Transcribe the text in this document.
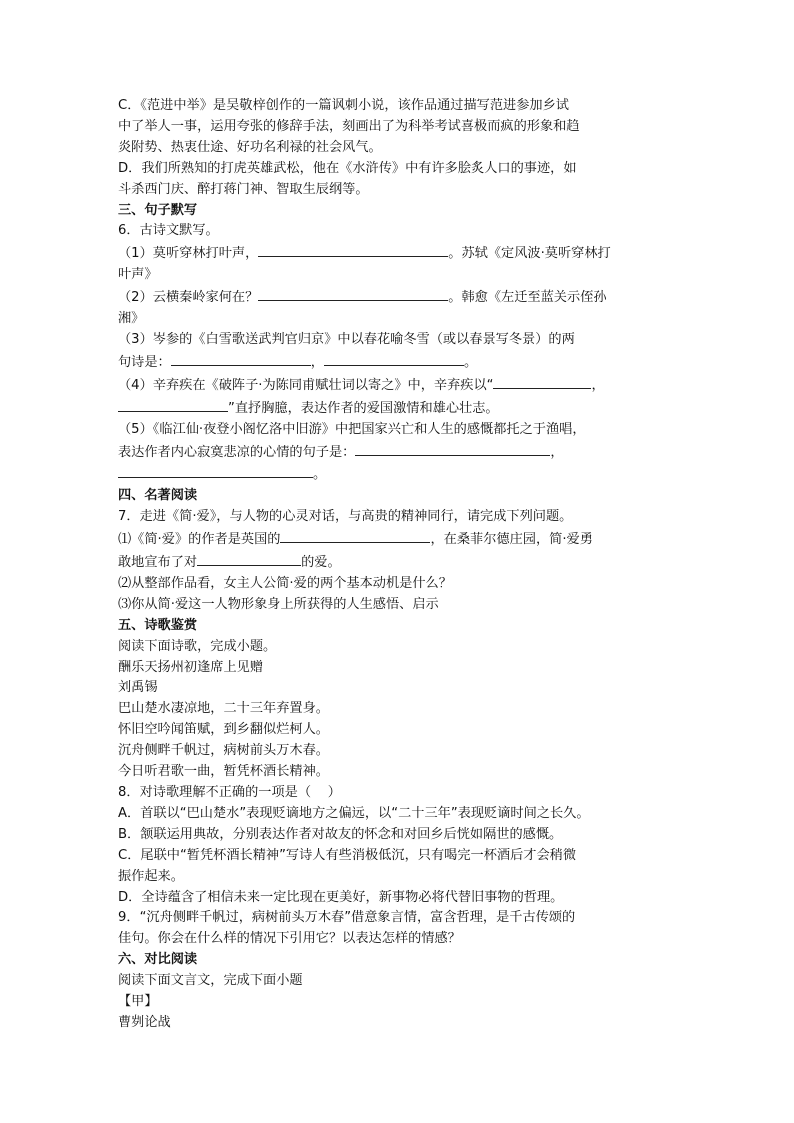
C．《范进中举》是吴敬梓创作的一篇讽刺小说，该作品通过描写范进参加乡试
中了举人一事，运用夸张的修辞手法，刻画出了为科举考试喜极而疯的形象和趋
炎附势、热衷仕途、好功名利禄的社会风气。
D．我们所熟知的打虎英雄武松，他在《水浒传》中有许多脍炙人口的事迹，如
斗杀西门庆、醉打蒋门神、智取生辰纲等。
三、句子默写
6．古诗文默写。
（1）莫听穿林打叶声，	。苏轼《定风波·莫听穿林打
叶声》
（2）云横秦岭家何在？	。韩愈《左迁至蓝关示侄孙
湘》
（3）岑参的《白雪歌送武判官归京》中以春花喻冬雪（或以春景写冬景）的两
句诗是：	，	。
（4）辛弃疾在《破阵子·为陈同甫赋壮词以寄之》中，辛弃疾以“	，
”直抒胸臆，表达作者的爱国激情和雄心壮志。
（5）《临江仙·夜登小阁忆洛中旧游》中把国家兴亡和人生的感慨都托之于渔唱，
表达作者内心寂寞悲凉的心情的句子是：	，
。
四、名著阅读
7．走进《简·爱》，与人物的心灵对话，与高贵的精神同行，请完成下列问题。
⑴《简·爱》的作者是英国的	，在桑菲尔德庄园，简·爱勇
敢地宣布了对	的爱。
⑵从整部作品看，女主人公简·爱的两个基本动机是什么？
⑶你从简·爱这一人物形象身上所获得的人生感悟、启示
五、诗歌鉴赏
阅读下面诗歌，完成小题。
酬乐天扬州初逢席上见赠
刘禹锡
巴山楚水凄凉地，二十三年弃置身。
怀旧空吟闻笛赋，到乡翻似烂柯人。
沉舟侧畔千帆过，病树前头万木春。
今日听君歌一曲，暂凭杯酒长精神。
8．对诗歌理解不正确的一项是（    ）
A．首联以“巴山楚水”表现贬谪地方之偏远，以“二十三年”表现贬谪时间之长久。
B．颔联运用典故，分别表达作者对故友的怀念和对回乡后恍如隔世的感慨。
C．尾联中“暂凭杯酒长精神”写诗人有些消极低沉，只有喝完一杯酒后才会稍微
振作起来。
D．全诗蕴含了相信未来一定比现在更美好，新事物必将代替旧事物的哲理。
9．“沉舟侧畔千帆过，病树前头万木春”借意象言情，富含哲理，是千古传颂的
佳句。你会在什么样的情况下引用它？以表达怎样的情感？
六、对比阅读
阅读下面文言文，完成下面小题
【甲】
曹刿论战
